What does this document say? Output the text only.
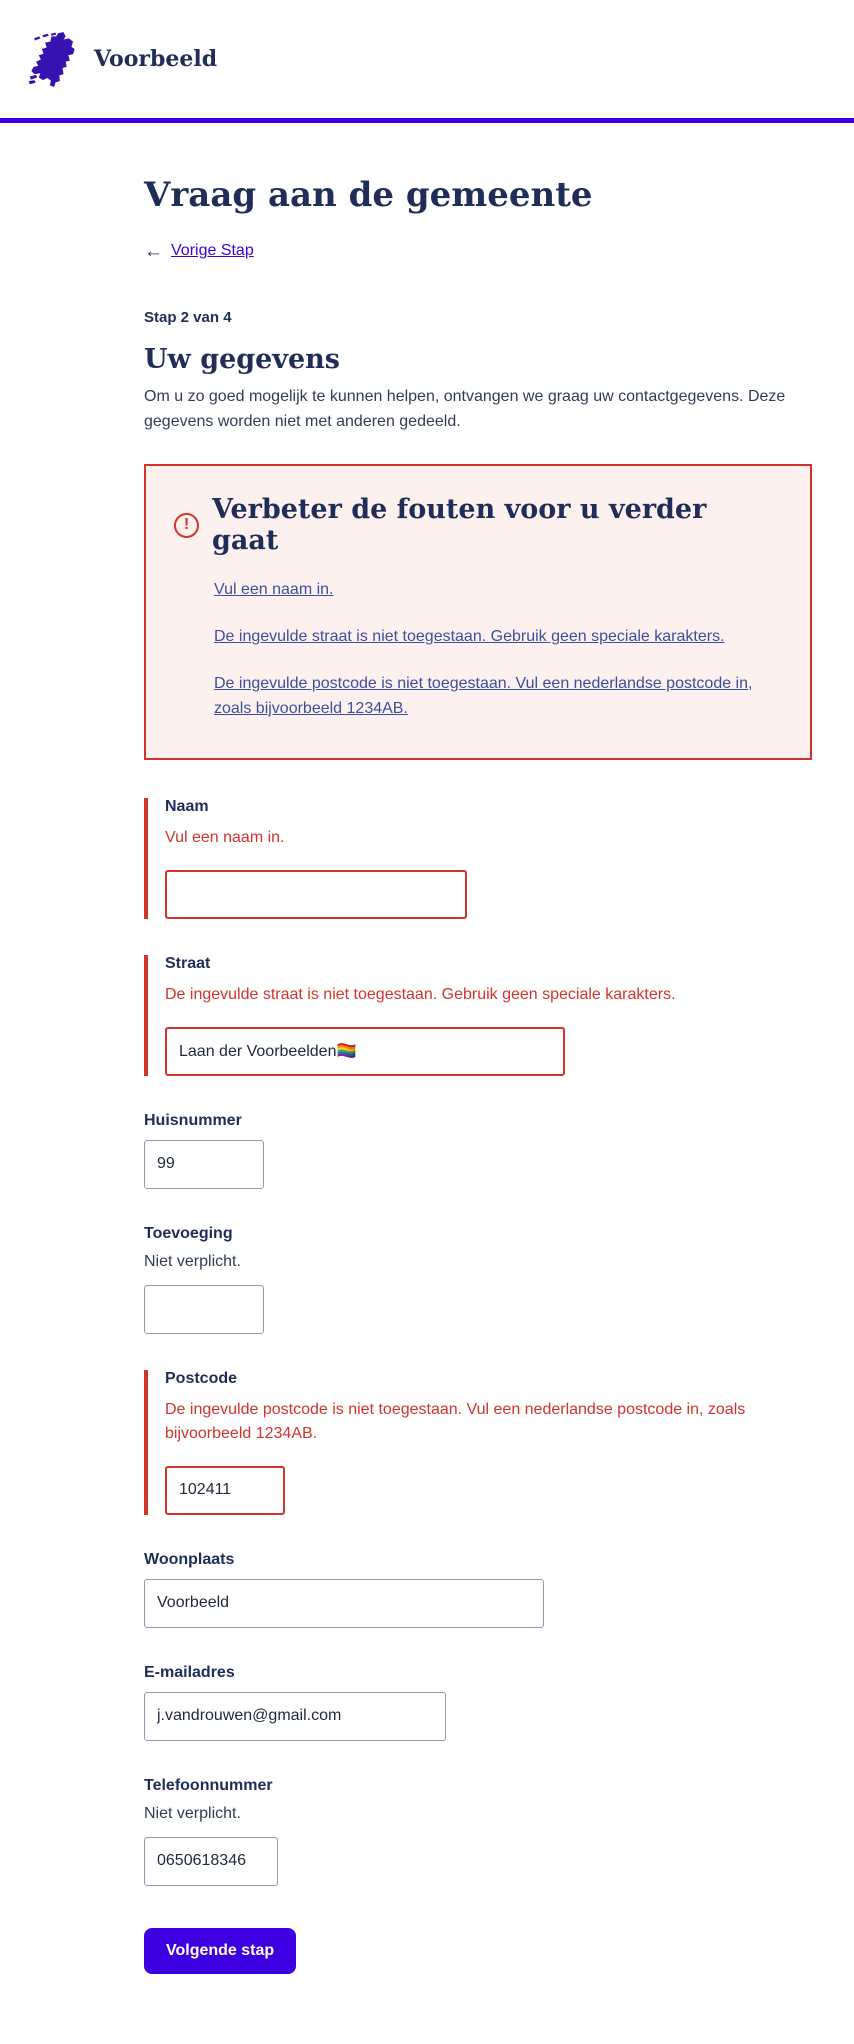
Voorbeeld
Vraag aan de gemeente
← Vorige Stap

Stap 2 van 4

Uw gegevens

Om u zo goed mogelijk te kunnen helpen, ontvangen we graag uw contactgegevens. Deze gegevens worden niet met anderen gedeeld.

! Verbeter de fouten voor u verder gaat
Vul een naam in.
De ingevulde straat is niet toegestaan. Gebruik geen speciale karakters.
De ingevulde postcode is niet toegestaan. Vul een nederlandse postcode in, zoals bijvoorbeeld 1234AB.
Naam

Vul een naam in.

Straat

De ingevulde straat is niet toegestaan. Gebruik geen speciale karakters.

Laan der Voorbeelden🏳️‍🌈
Huisnummer
99
Toevoeging

Niet verplicht.

Postcode

De ingevulde postcode is niet toegestaan. Vul een nederlandse postcode in, zoals bijvoorbeeld 1234AB.

102411
Woonplaats
Voorbeeld
E-mailadres
j.vandrouwen@gmail.com
Telefoonnummer

Niet verplicht.

0650618346
Volgende stap
